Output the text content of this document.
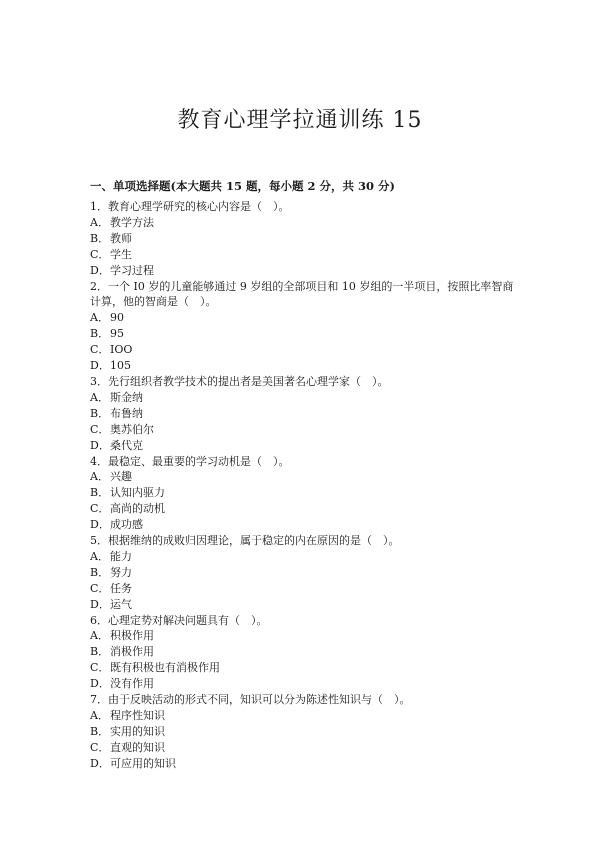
教育心理学拉通训练 15
一、单项选择题(本大题共 15 题，每小题 2 分，共 30 分)
1．教育心理学研究的核心内容是（　）。
A．教学方法
B．教师
C．学生
D．学习过程
2．一个 I0 岁的儿童能够通过 9 岁组的全部项目和 10 岁组的一半项目，按照比率智商计算，他的智商是（　）。
A．90
B．95
C．IOO
D．105
3．先行组织者教学技术的提出者是美国著名心理学家（　）。
A．斯金纳
B．布鲁纳
C．奥苏伯尔
D．桑代克
4．最稳定、最重要的学习动机是（　）。
A．兴趣
B．认知内驱力
C．高尚的动机
D．成功感
5．根据维纳的成败归因理论，属于稳定的内在原因的是（　）。
A．能力
B．努力
C．任务
D．运气
6．心理定势对解决问题具有（　）。
A．积极作用
B．消极作用
C．既有积极也有消极作用
D．没有作用
7．由于反映活动的形式不同，知识可以分为陈述性知识与（　）。
A．程序性知识
B．实用的知识
C．直观的知识
D．可应用的知识
